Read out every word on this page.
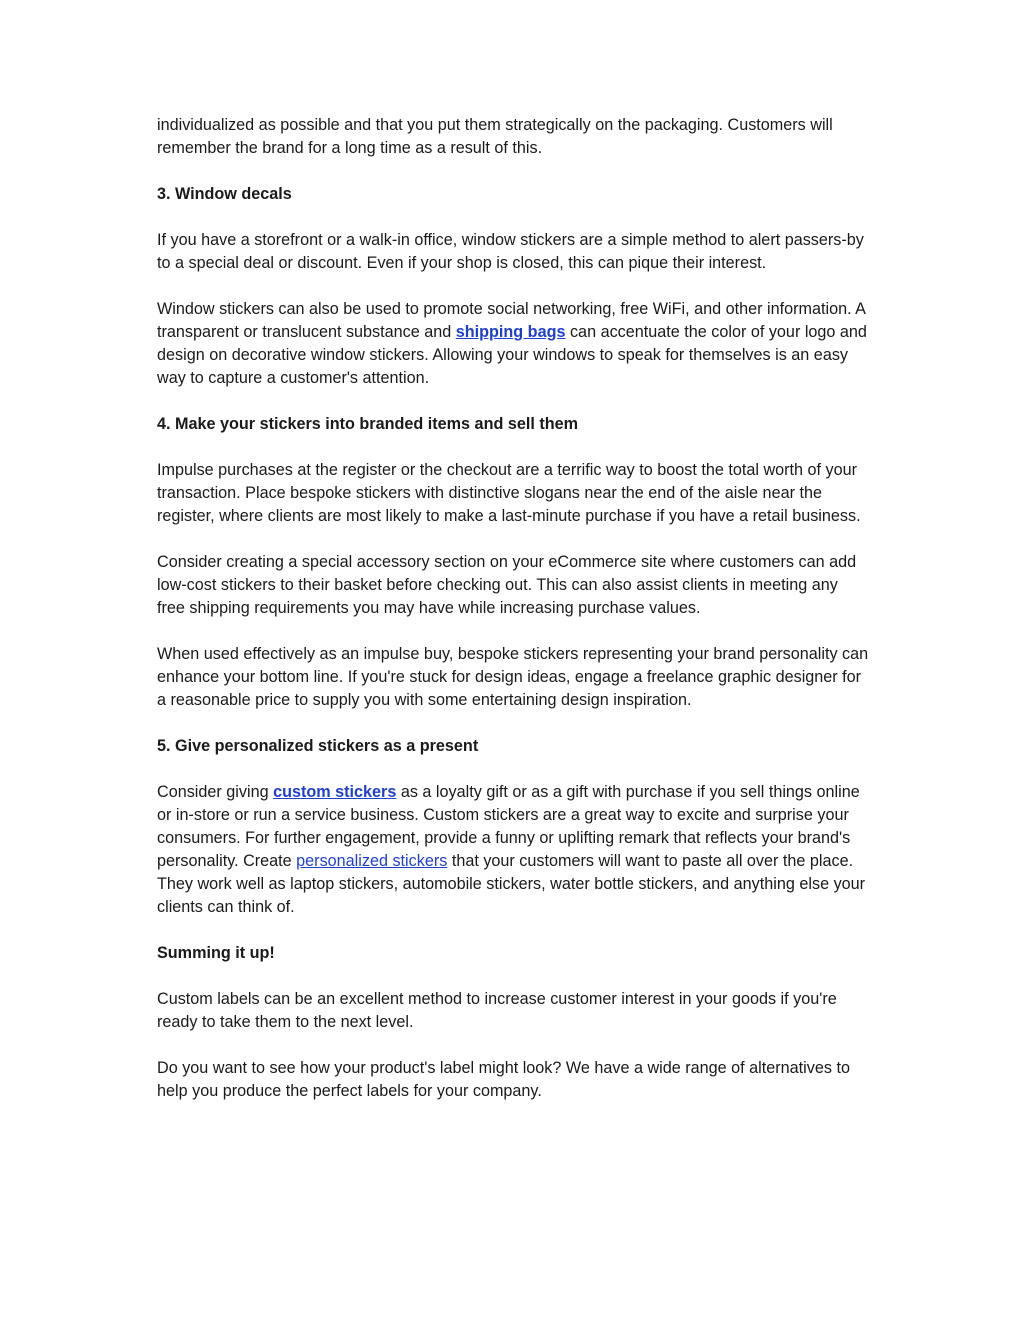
individualized as possible and that you put them strategically on the packaging. Customers will remember the brand for a long time as a result of this.

3. Window decals

If you have a storefront or a walk-in office, window stickers are a simple method to alert passers-by to a special deal or discount. Even if your shop is closed, this can pique their interest.

Window stickers can also be used to promote social networking, free WiFi, and other information. A transparent or translucent substance and shipping bags can accentuate the color of your logo and design on decorative window stickers. Allowing your windows to speak for themselves is an easy way to capture a customer's attention.

4. Make your stickers into branded items and sell them

Impulse purchases at the register or the checkout are a terrific way to boost the total worth of your transaction. Place bespoke stickers with distinctive slogans near the end of the aisle near the register, where clients are most likely to make a last-minute purchase if you have a retail business.

Consider creating a special accessory section on your eCommerce site where customers can add low-cost stickers to their basket before checking out. This can also assist clients in meeting any free shipping requirements you may have while increasing purchase values.

When used effectively as an impulse buy, bespoke stickers representing your brand personality can enhance your bottom line. If you're stuck for design ideas, engage a freelance graphic designer for a reasonable price to supply you with some entertaining design inspiration.

5. Give personalized stickers as a present

Consider giving custom stickers as a loyalty gift or as a gift with purchase if you sell things online or in-store or run a service business. Custom stickers are a great way to excite and surprise your consumers. For further engagement, provide a funny or uplifting remark that reflects your brand's personality. Create personalized stickers that your customers will want to paste all over the place. They work well as laptop stickers, automobile stickers, water bottle stickers, and anything else your clients can think of.

Summing it up!

Custom labels can be an excellent method to increase customer interest in your goods if you're ready to take them to the next level.

Do you want to see how your product's label might look? We have a wide range of alternatives to help you produce the perfect labels for your company.
